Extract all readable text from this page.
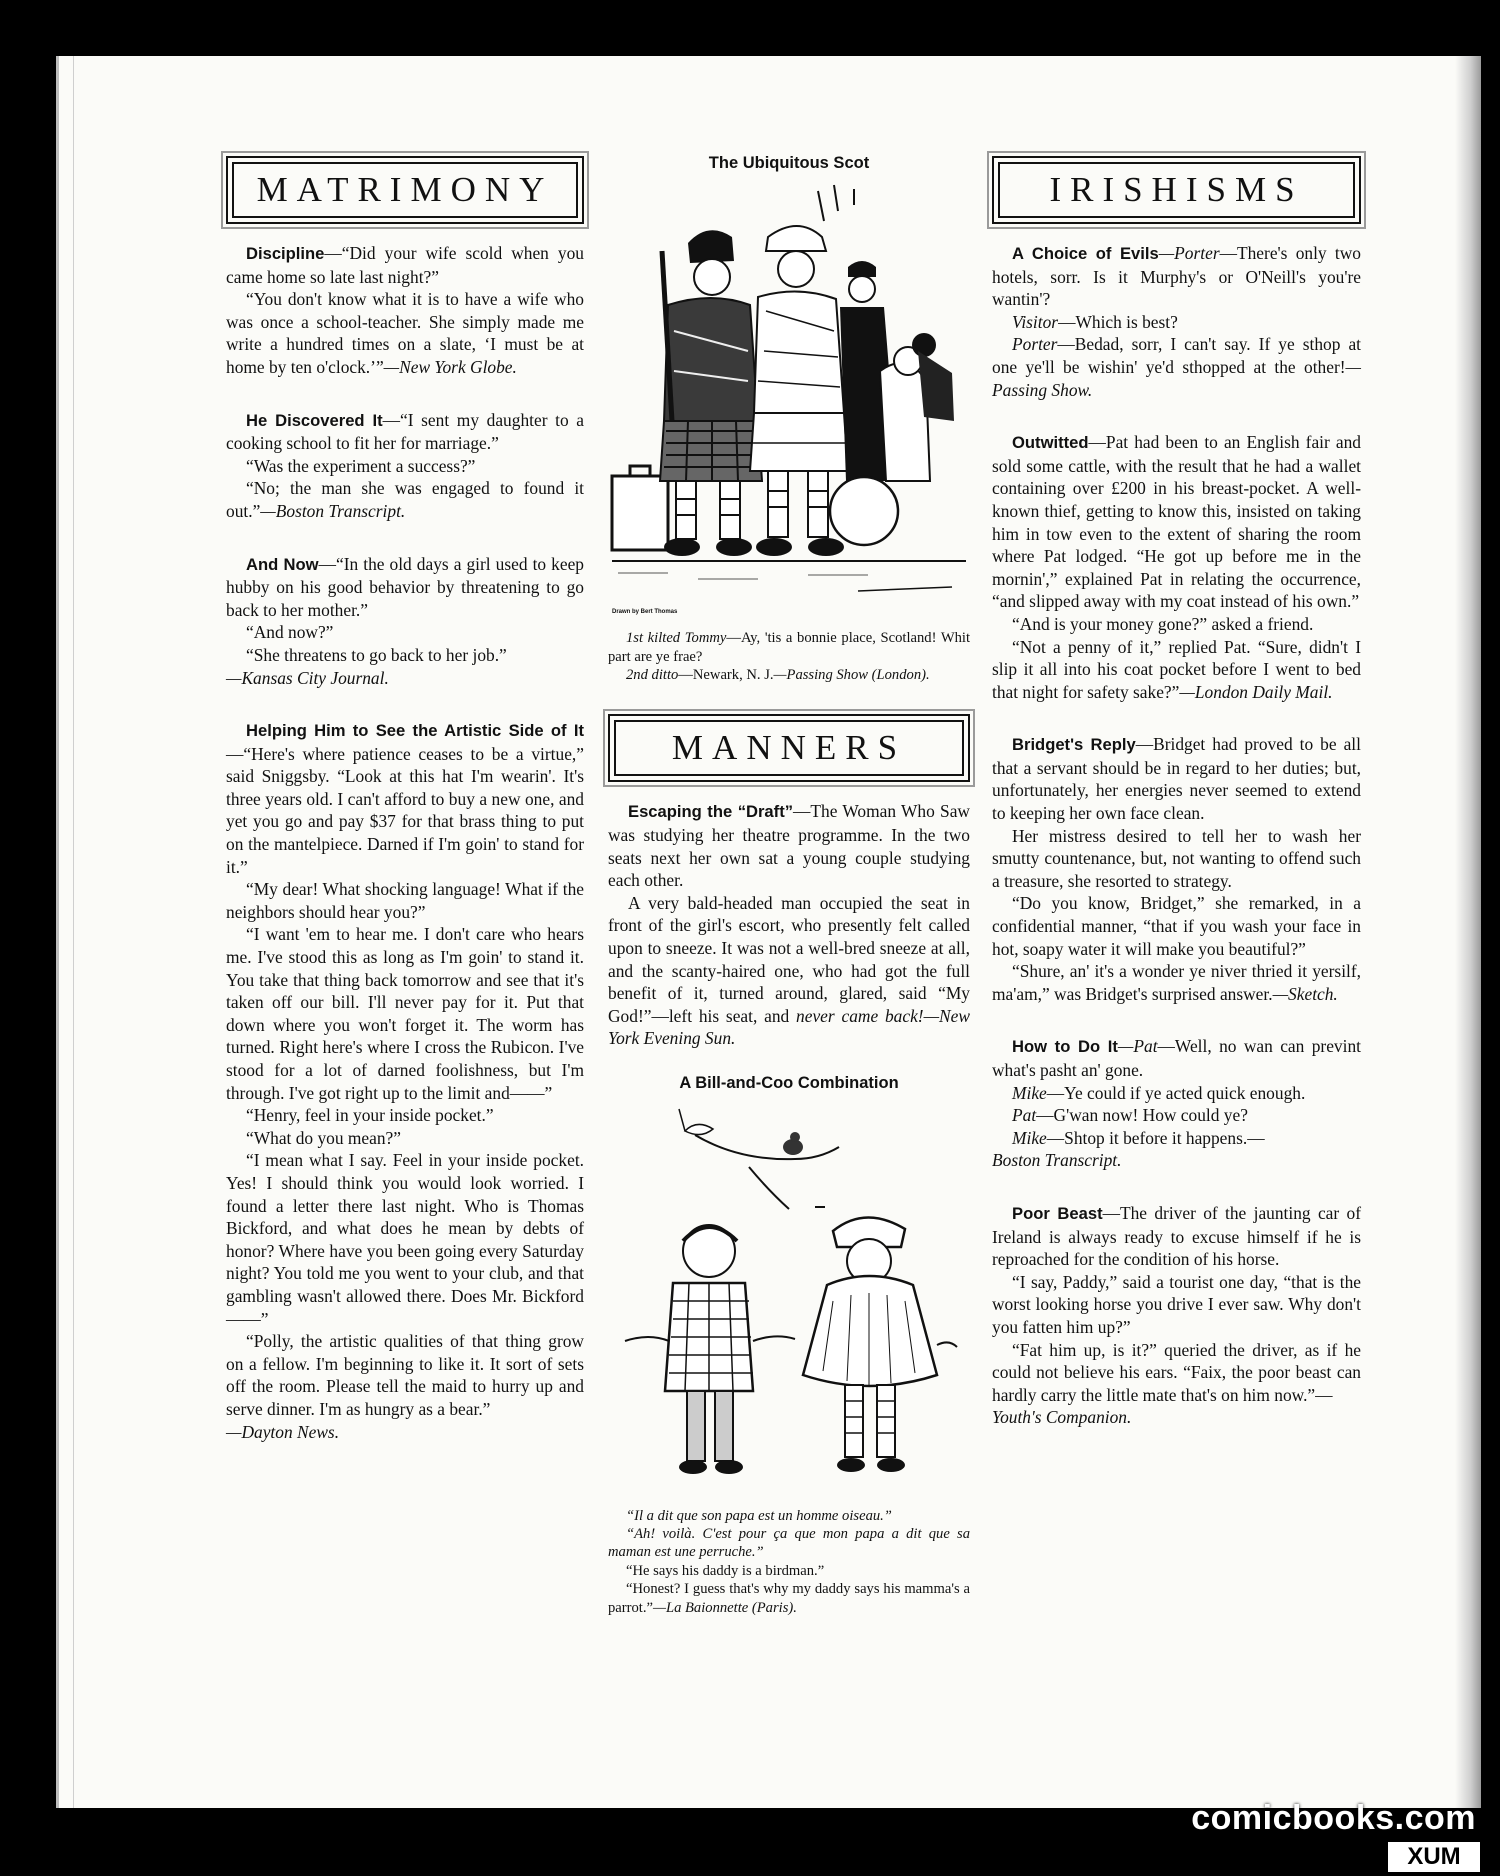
MATRIMONY

Discipline—“Did your wife scold when you came home so late last night?”

“You don't know what it is to have a wife who was once a school-teacher. She simply made me write a hundred times on a slate, ‘I must be at home by ten o'clock.’”—New York Globe.

He Discovered It—“I sent my daughter to a cooking school to fit her for marriage.”

“Was the experiment a success?”

“No; the man she was engaged to found it out.”—Boston Transcript.

And Now—“In the old days a girl used to keep hubby on his good behavior by threatening to go back to her mother.”

“And now?”

“She threatens to go back to her job.”

—Kansas City Journal.

Helping Him to See the Artistic Side of It—“Here's where patience ceases to be a virtue,” said Sniggsby. “Look at this hat I'm wearin'. It's three years old. I can't afford to buy a new one, and yet you go and pay $37 for that brass thing to put on the mantelpiece. Darned if I'm goin' to stand for it.”

“My dear! What shocking language! What if the neighbors should hear you?”

“I want 'em to hear me. I don't care who hears me. I've stood this as long as I'm goin' to stand it. You take that thing back tomorrow and see that it's taken off our bill. I'll never pay for it. Put that down where you won't forget it. The worm has turned. Right here's where I cross the Rubicon. I've stood for a lot of darned foolishness, but I'm through. I've got right up to the limit and——”

“Henry, feel in your inside pocket.”

“What do you mean?”

“I mean what I say. Feel in your inside pocket. Yes! I should think you would look worried. I found a letter there last night. Who is Thomas Bickford, and what does he mean by debts of honor? Where have you been going every Saturday night? You told me you went to your club, and that gambling wasn't allowed there. Does Mr. Bickford——”

“Polly, the artistic qualities of that thing grow on a fellow. I'm beginning to like it. It sort of sets off the room. Please tell the maid to hurry up and serve dinner. I'm as hungry as a bear.”

—Dayton News.

The Ubiquitous Scot
Drawn by Bert Thomas

1st kilted Tommy—Ay, 'tis a bonnie place, Scotland! Whit part are ye frae?

2nd ditto—Newark, N. J.—Passing Show (London).

MANNERS

Escaping the “Draft”—The Woman Who Saw was studying her theatre programme. In the two seats next her own sat a young couple studying each other.

A very bald-headed man occupied the seat in front of the girl's escort, who presently felt called upon to sneeze. It was not a well-bred sneeze at all, and the scanty-haired one, who had got the full benefit of it, turned around, glared, said “My God!”—left his seat, and never came back!—New York Evening Sun.

A Bill-and-Coo Combination

“Il a dit que son papa est un homme oiseau.”

“Ah! voilà. C'est pour ça que mon papa a dit que sa maman est une perruche.”

“He says his daddy is a birdman.”

“Honest? I guess that's why my daddy says his mamma's a parrot.”—La Baionnette (Paris).

IRISHISMS

A Choice of Evils—Porter—There's only two hotels, sorr. Is it Murphy's or O'Neill's you're wantin'?

Visitor—Which is best?

Porter—Bedad, sorr, I can't say. If ye sthop at one ye'll be wishin' ye'd sthopped at the other!—Passing Show.

Outwitted—Pat had been to an English fair and sold some cattle, with the result that he had a wallet containing over £200 in his breast-pocket. A well-known thief, getting to know this, insisted on taking him in tow even to the extent of sharing the room where Pat lodged. “He got up before me in the mornin',” explained Pat in relating the occurrence, “and slipped away with my coat instead of his own.”

“And is your money gone?” asked a friend.

“Not a penny of it,” replied Pat. “Sure, didn't I slip it all into his coat pocket before I went to bed that night for safety sake?”—London Daily Mail.

Bridget's Reply—Bridget had proved to be all that a servant should be in regard to her duties; but, unfortunately, her energies never seemed to extend to keeping her own face clean.

Her mistress desired to tell her to wash her smutty countenance, but, not wanting to offend such a treasure, she resorted to strategy.

“Do you know, Bridget,” she remarked, in a confidential manner, “that if you wash your face in hot, soapy water it will make you beautiful?”

“Shure, an' it's a wonder ye niver thried it yersilf, ma'am,” was Bridget's surprised answer.—Sketch.

How to Do It—Pat—Well, no wan can prevint what's pasht an' gone.

Mike—Ye could if ye acted quick enough.

Pat—G'wan now! How could ye?

Mike—Shtop it before it happens.—

Boston Transcript.

Poor Beast—The driver of the jaunting car of Ireland is always ready to excuse himself if he is reproached for the condition of his horse.

“I say, Paddy,” said a tourist one day, “that is the worst looking horse you drive I ever saw. Why don't you fatten him up?”

“Fat him up, is it?” queried the driver, as if he could not believe his ears. “Faix, the poor beast can hardly carry the little mate that's on him now.”—

Youth's Companion.

comicbooks.com
XUM
